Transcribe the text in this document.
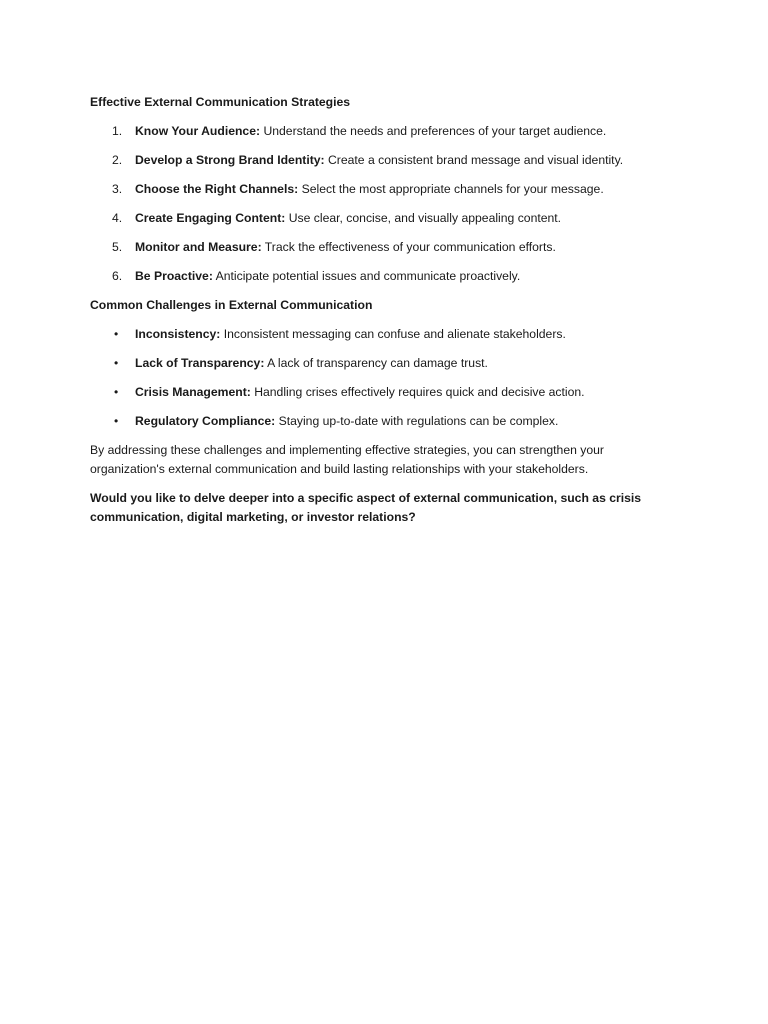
Effective External Communication Strategies

1. Know Your Audience: Understand the needs and preferences of your target audience.
2. Develop a Strong Brand Identity: Create a consistent brand message and visual identity.
3. Choose the Right Channels: Select the most appropriate channels for your message.
4. Create Engaging Content: Use clear, concise, and visually appealing content.
5. Monitor and Measure: Track the effectiveness of your communication efforts.
6. Be Proactive: Anticipate potential issues and communicate proactively.

Common Challenges in External Communication

• Inconsistency: Inconsistent messaging can confuse and alienate stakeholders.
• Lack of Transparency: A lack of transparency can damage trust.
• Crisis Management: Handling crises effectively requires quick and decisive action.
• Regulatory Compliance: Staying up-to-date with regulations can be complex.

By addressing these challenges and implementing effective strategies, you can strengthen your organization's external communication and build lasting relationships with your stakeholders.

Would you like to delve deeper into a specific aspect of external communication, such as crisis communication, digital marketing, or investor relations?
